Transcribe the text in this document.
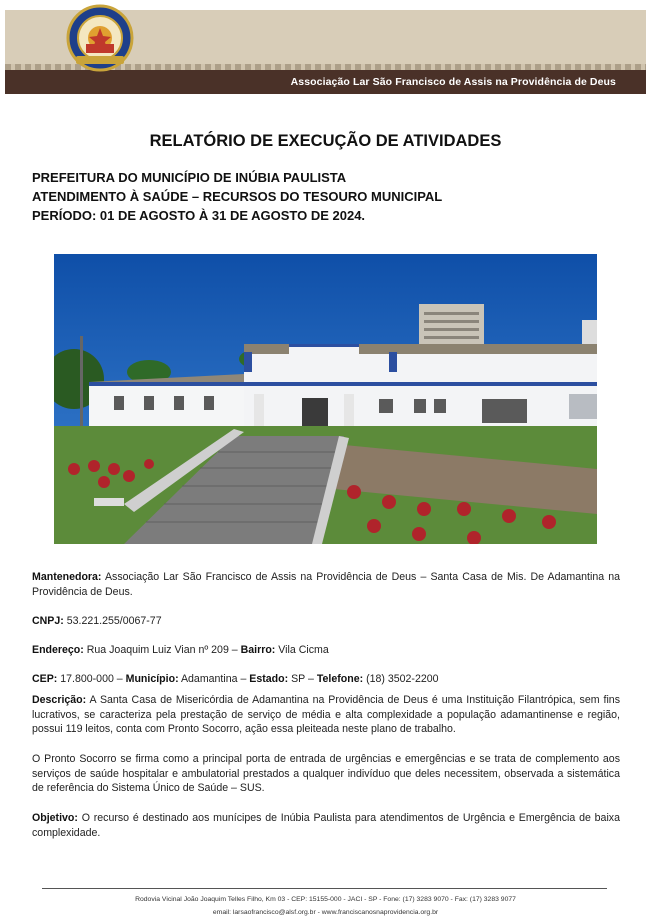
Associação Lar São Francisco de Assis na Providência de Deus
RELATÓRIO DE EXECUÇÃO DE ATIVIDADES
PREFEITURA DO MUNICÍPIO DE INÚBIA PAULISTA
ATENDIMENTO À SAÚDE – RECURSOS DO TESOURO MUNICIPAL
PERÍODO: 01 DE AGOSTO À 31 DE AGOSTO DE 2024.
Mantenedora: Associação Lar São Francisco de Assis na Providência de Deus – Santa Casa de Mis. De Adamantina na Providência de Deus.
CNPJ: 53.221.255/0067-77
Endereço: Rua Joaquim Luiz Vian nº 209 – Bairro: Vila Cicma
CEP: 17.800-000 – Município: Adamantina – Estado: SP – Telefone: (18) 3502-2200
Descrição: A Santa Casa de Misericórdia de Adamantina na Providência de Deus é uma Instituição Filantrópica, sem fins lucrativos, se caracteriza pela prestação de serviço de média e alta complexidade a população adamantinense e região, possui 119 leitos, conta com Pronto Socorro, ação essa pleiteada neste plano de trabalho.
O Pronto Socorro se firma como a principal porta de entrada de urgências e emergências e se trata de complemento aos serviços de saúde hospitalar e ambulatorial prestados a qualquer indivíduo que deles necessitem, observada a sistemática de referência do Sistema Único de Saúde – SUS.
Objetivo: O recurso é destinado aos munícipes de Inúbia Paulista para atendimentos de Urgência e Emergência de baixa complexidade.
Rodovia Vicinal João Joaquim Telles Filho, Km 03 - CEP: 15155-000 - JACI - SP - Fone: (17) 3283 9070 - Fax: (17) 3283 9077
email: larsaofrancisco@alsf.org.br - www.franciscanosnaprovidencia.org.br
